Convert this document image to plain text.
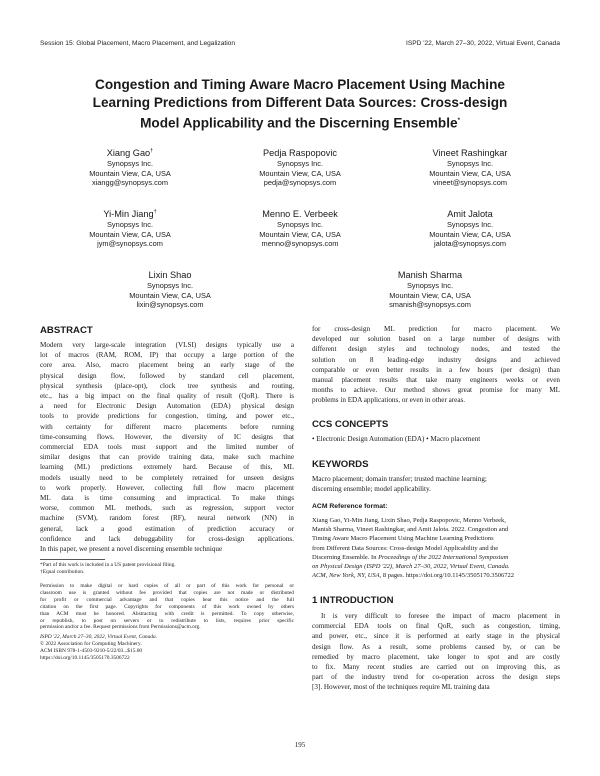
Session 15: Global Placement, Macro Placement, and Legalization	ISPD '22, March 27–30, 2022, Virtual Event, Canada
Congestion and Timing Aware Macro Placement Using Machine
Learning Predictions from Different Data Sources: Cross-design
Model Applicability and the Discerning Ensemble*
Xiang Gao†
Synopsys Inc.
Mountain View, CA, USA
xiangg@synopsys.com
Pedja Raspopovic
Synopsys Inc.
Mountain View, CA, USA
pedja@synopsys.com
Vineet Rashingkar
Synopsys Inc.
Mountain View, CA, USA
vineet@synopsys.com
Yi-Min Jiang†
Synopsys Inc.
Mountain View, CA, USA
jym@synopsys.com
Menno E. Verbeek
Synopsys Inc.
Mountain View, CA, USA
menno@synopsys.com
Amit Jalota
Synopsys Inc.
Mountain View, CA, USA
jalota@synopsys.com
Lixin Shao
Synopsys Inc.
Mountain View, CA, USA
lixin@synopsys.com
Manish Sharma
Synopsys Inc.
Mountain View, CA, USA
smanish@synopsys.com
ABSTRACT
Modern very large-scale integration (VLSI) designs typically use a
lot of macros (RAM, ROM, IP) that occupy a large portion of the
core area. Also, macro placement being an early stage of the
physical design flow, followed by standard cell placement,
physical synthesis (place-opt), clock tree synthesis and routing,
etc., has a big impact on the final quality of result (QoR). There is
a need for Electronic Design Automation (EDA) physical design
tools to provide predictions for congestion, timing, and power etc.,
with certainty for different macro placements before running
time-consuming flows. However, the diversity of IC designs that
commercial EDA tools must support and the limited number of
similar designs that can provide training data, make such machine
learning (ML) predictions extremely hard. Because of this, ML
models usually need to be completely retrained for unseen designs
to work properly. However, collecting full flow macro placement
ML data is time consuming and impractical. To make things
worse, common ML methods, such as regression, support vector
machine (SVM), random forest (RF), neural network (NN) in
general, lack a good estimation of prediction accuracy or
confidence and lack debuggability for cross-design applications.
In this paper, we present a novel discerning ensemble technique
*Part of this work is included in a US patent provisional filing.
†Equal contribution.
Permission to make digital or hard copies of all or part of this work for personal or
classroom use is granted without fee provided that copies are not made or distributed
for profit or commercial advantage and that copies bear this notice and the full
citation on the first page. Copyrights for components of this work owned by others
than ACM must be honored. Abstracting with credit is permitted. To copy otherwise,
or republish, to post on servers or to redistribute to lists, requires prior specific
permission and/or a fee. Request permissions from Permissions@acm.org.
ISPD '22, March 27–30, 2022, Virtual Event, Canada.
© 2022 Association for Computing Machinery.
ACM ISBN 978-1-4503-9210-5/22/03...$15.00
https://doi.org/10.1145/3505170.3506722
for cross-design ML prediction for macro placement. We
developed our solution based on a large number of designs with
different design styles and technology nodes, and tested the
solution on 8 leading-edge industry designs and achieved
comparable or even better results in a few hours (per design) than
manual placement results that take many engineers weeks or even
months to achieve. Our method shows great promise for many ML
problems in EDA applications, or even in other areas.
CCS CONCEPTS
• Electronic Design Automation (EDA) • Macro placement
KEYWORDS
Macro placement; domain transfer; trusted machine learning;
discerning ensemble; model applicability.
ACM Reference format:
Xiang Gao, Yi-Min Jiang, Lixin Shao, Pedja Raspopovic, Menno Verbeek,
Manish Sharma, Vineet Rashingkar, and Amit Jalota. 2022. Congestion and
Timing Aware Macro Placement Using Machine Learning Predictions
from Different Data Sources: Cross-design Model Applicability and the
Discerning Ensemble. In Proceedings of the 2022 International Symposium
on Physical Design (ISPD '22), March 27–30, 2022, Virtual Event, Canada.
ACM, New York, NY, USA, 8 pages. https://doi.org/10.1145/3505170.3506722
1 INTRODUCTION
It is very difficult to foresee the impact of macro placement in
commercial EDA tools on final QoR, such as congestion, timing,
and power, etc., since it is performed at early stage in the physical
design flow. As a result, some problems caused by, or can be
remedied by macro placement, take longer to spot and are costly
to fix. Many recent studies are carried out on improving this, as
part of the industry trend for co-operation across the design steps
[3]. However, most of the techniques require ML training data
195
